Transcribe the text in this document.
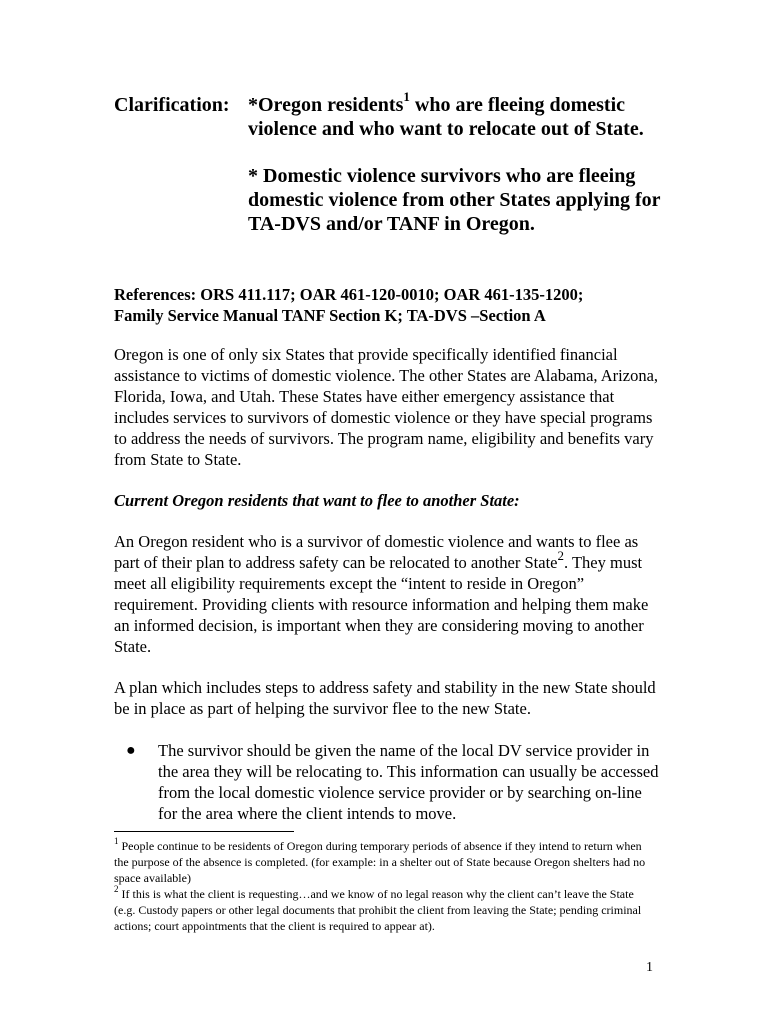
Clarification: *Oregon residents$^1$ who are fleeing domestic violence and who want to relocate out of State.

* Domestic violence survivors who are fleeing domestic violence from other States applying for TA-DVS and/or TANF in Oregon.

References: ORS 411.117; OAR 461-120-0010; OAR 461-135-1200;
Family Service Manual TANF Section K; TA-DVS –Section A

Oregon is one of only six States that provide specifically identified financial assistance to victims of domestic violence. The other States are Alabama, Arizona, Florida, Iowa, and Utah. These States have either emergency assistance that includes services to survivors of domestic violence or they have special programs to address the needs of survivors. The program name, eligibility and benefits vary from State to State.

Current Oregon residents that want to flee to another State:

An Oregon resident who is a survivor of domestic violence and wants to flee as part of their plan to address safety can be relocated to another State$^2$. They must meet all eligibility requirements except the “intent to reside in Oregon” requirement. Providing clients with resource information and helping them make an informed decision, is important when they are considering moving to another State.

A plan which includes steps to address safety and stability in the new State should be in place as part of helping the survivor flee to the new State.

● The survivor should be given the name of the local DV service provider in the area they will be relocating to. This information can usually be accessed from the local domestic violence service provider or by searching on-line for the area where the client intends to move.

$^1$ People continue to be residents of Oregon during temporary periods of absence if they intend to return when the purpose of the absence is completed. (for example: in a shelter out of State because Oregon shelters had no space available)

$^2$ If this is what the client is requesting…and we know of no legal reason why the client can’t leave the State (e.g. Custody papers or other legal documents that prohibit the client from leaving the State; pending criminal actions; court appointments that the client is required to appear at).

1
